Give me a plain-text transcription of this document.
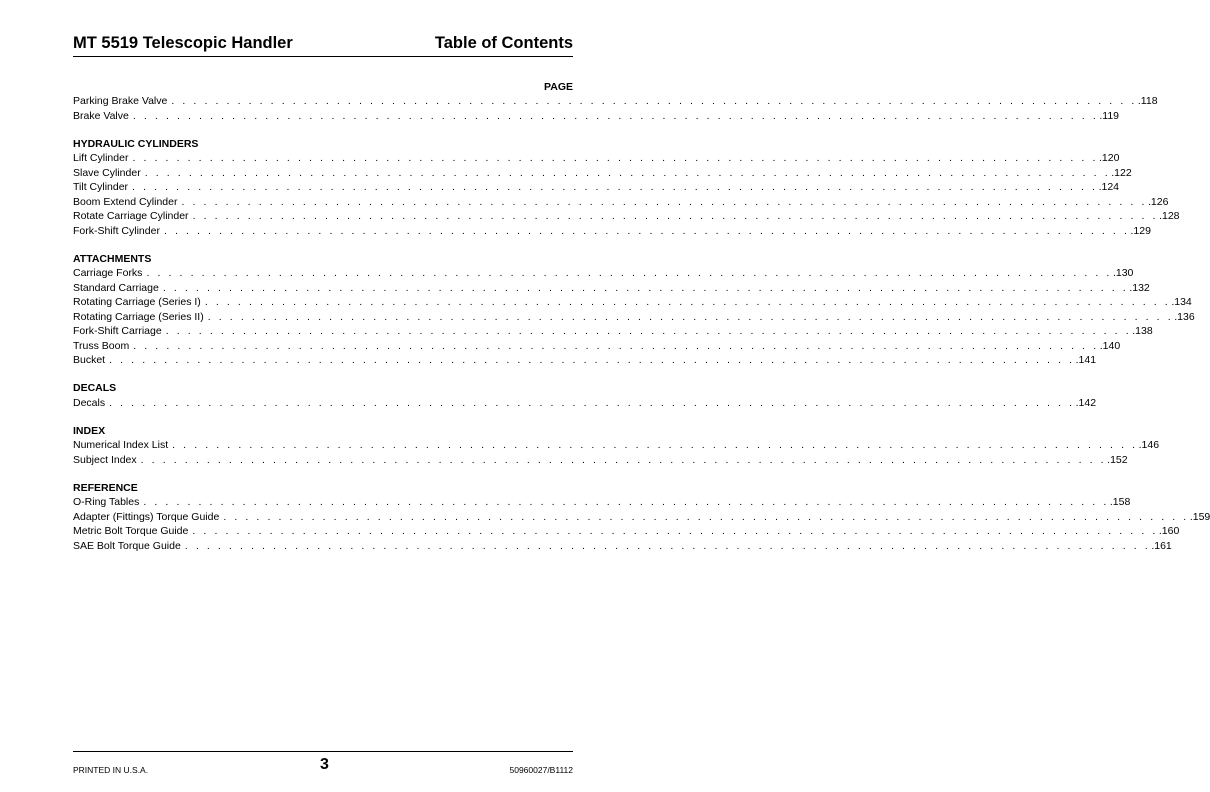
MT 5519 Telescopic Handler	Table of Contents
PAGE
Parking Brake Valve . . . . . . . . . . . . . . . . . . . . . . . . . . . . . . . . . . . . . . . . . . . . . . . . . . . . . . . . . . . . . . . . . . . . . . . . . . . . . . . . . . . . . . . . .118
Brake Valve . . . . . . . . . . . . . . . . . . . . . . . . . . . . . . . . . . . . . . . . . . . . . . . . . . . . . . . . . . . . . . . . . . . . . . . . . . . . . . . . . . . . . . . . .119
HYDRAULIC CYLINDERS
Lift Cylinder . . . . . . . . . . . . . . . . . . . . . . . . . . . . . . . . . . . . . . . . . . . . . . . . . . . . . . . . . . . . . . . . . . . . . . . . . . . . . . . . . . . . . . . . .120
Slave Cylinder . . . . . . . . . . . . . . . . . . . . . . . . . . . . . . . . . . . . . . . . . . . . . . . . . . . . . . . . . . . . . . . . . . . . . . . . . . . . . . . . . . . . . . . . .122
Tilt Cylinder . . . . . . . . . . . . . . . . . . . . . . . . . . . . . . . . . . . . . . . . . . . . . . . . . . . . . . . . . . . . . . . . . . . . . . . . . . . . . . . . . . . . . . . . .124
Boom Extend Cylinder . . . . . . . . . . . . . . . . . . . . . . . . . . . . . . . . . . . . . . . . . . . . . . . . . . . . . . . . . . . . . . . . . . . . . . . . . . . . . . . . . . . . . . . . .126
Rotate Carriage Cylinder . . . . . . . . . . . . . . . . . . . . . . . . . . . . . . . . . . . . . . . . . . . . . . . . . . . . . . . . . . . . . . . . . . . . . . . . . . . . . . . . . . . . . . . . .128
Fork-Shift Cylinder . . . . . . . . . . . . . . . . . . . . . . . . . . . . . . . . . . . . . . . . . . . . . . . . . . . . . . . . . . . . . . . . . . . . . . . . . . . . . . . . . . . . . . . . .129
ATTACHMENTS
Carriage Forks . . . . . . . . . . . . . . . . . . . . . . . . . . . . . . . . . . . . . . . . . . . . . . . . . . . . . . . . . . . . . . . . . . . . . . . . . . . . . . . . . . . . . . . . .130
Standard Carriage . . . . . . . . . . . . . . . . . . . . . . . . . . . . . . . . . . . . . . . . . . . . . . . . . . . . . . . . . . . . . . . . . . . . . . . . . . . . . . . . . . . . . . . . .132
Rotating Carriage (Series I) . . . . . . . . . . . . . . . . . . . . . . . . . . . . . . . . . . . . . . . . . . . . . . . . . . . . . . . . . . . . . . . . . . . . . . . . . . . . . . . . . . . . . . . . .134
Rotating Carriage (Series II) . . . . . . . . . . . . . . . . . . . . . . . . . . . . . . . . . . . . . . . . . . . . . . . . . . . . . . . . . . . . . . . . . . . . . . . . . . . . . . . . . . . . . . . . .136
Fork-Shift Carriage . . . . . . . . . . . . . . . . . . . . . . . . . . . . . . . . . . . . . . . . . . . . . . . . . . . . . . . . . . . . . . . . . . . . . . . . . . . . . . . . . . . . . . . . .138
Truss Boom . . . . . . . . . . . . . . . . . . . . . . . . . . . . . . . . . . . . . . . . . . . . . . . . . . . . . . . . . . . . . . . . . . . . . . . . . . . . . . . . . . . . . . . . .140
Bucket . . . . . . . . . . . . . . . . . . . . . . . . . . . . . . . . . . . . . . . . . . . . . . . . . . . . . . . . . . . . . . . . . . . . . . . . . . . . . . . . . . . . . . . . .141
DECALS
Decals . . . . . . . . . . . . . . . . . . . . . . . . . . . . . . . . . . . . . . . . . . . . . . . . . . . . . . . . . . . . . . . . . . . . . . . . . . . . . . . . . . . . . . . . .142
INDEX
Numerical Index List . . . . . . . . . . . . . . . . . . . . . . . . . . . . . . . . . . . . . . . . . . . . . . . . . . . . . . . . . . . . . . . . . . . . . . . . . . . . . . . . . . . . . . . . .146
Subject Index . . . . . . . . . . . . . . . . . . . . . . . . . . . . . . . . . . . . . . . . . . . . . . . . . . . . . . . . . . . . . . . . . . . . . . . . . . . . . . . . . . . . . . . . .152
REFERENCE
O-Ring Tables . . . . . . . . . . . . . . . . . . . . . . . . . . . . . . . . . . . . . . . . . . . . . . . . . . . . . . . . . . . . . . . . . . . . . . . . . . . . . . . . . . . . . . . . .158
Adapter (Fittings) Torque Guide . . . . . . . . . . . . . . . . . . . . . . . . . . . . . . . . . . . . . . . . . . . . . . . . . . . . . . . . . . . . . . . . . . . . . . . . . . . . . . . . . . . . . . . . .159
Metric Bolt Torque Guide . . . . . . . . . . . . . . . . . . . . . . . . . . . . . . . . . . . . . . . . . . . . . . . . . . . . . . . . . . . . . . . . . . . . . . . . . . . . . . . . . . . . . . . . .160
SAE Bolt Torque Guide . . . . . . . . . . . . . . . . . . . . . . . . . . . . . . . . . . . . . . . . . . . . . . . . . . . . . . . . . . . . . . . . . . . . . . . . . . . . . . . . . . . . . . . . .161
PRINTED IN U.S.A.	3	50960027/B1112
